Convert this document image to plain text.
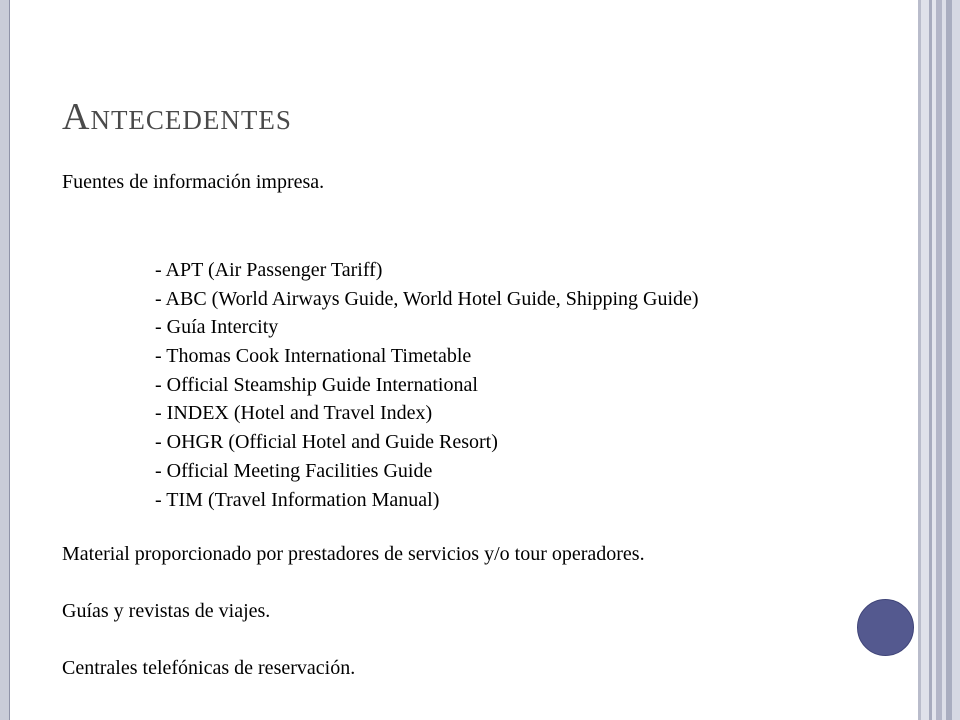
Antecedentes
Fuentes de información impresa.
- APT (Air Passenger Tariff)
- ABC (World Airways Guide, World Hotel Guide, Shipping Guide)
- Guía Intercity
- Thomas Cook International Timetable
- Official Steamship Guide International
- INDEX (Hotel and Travel Index)
- OHGR (Official Hotel and Guide Resort)
- Official Meeting Facilities Guide
- TIM (Travel Information Manual)
Material proporcionado por prestadores de servicios y/o tour operadores.
Guías y revistas de viajes.
Centrales telefónicas de reservación.
